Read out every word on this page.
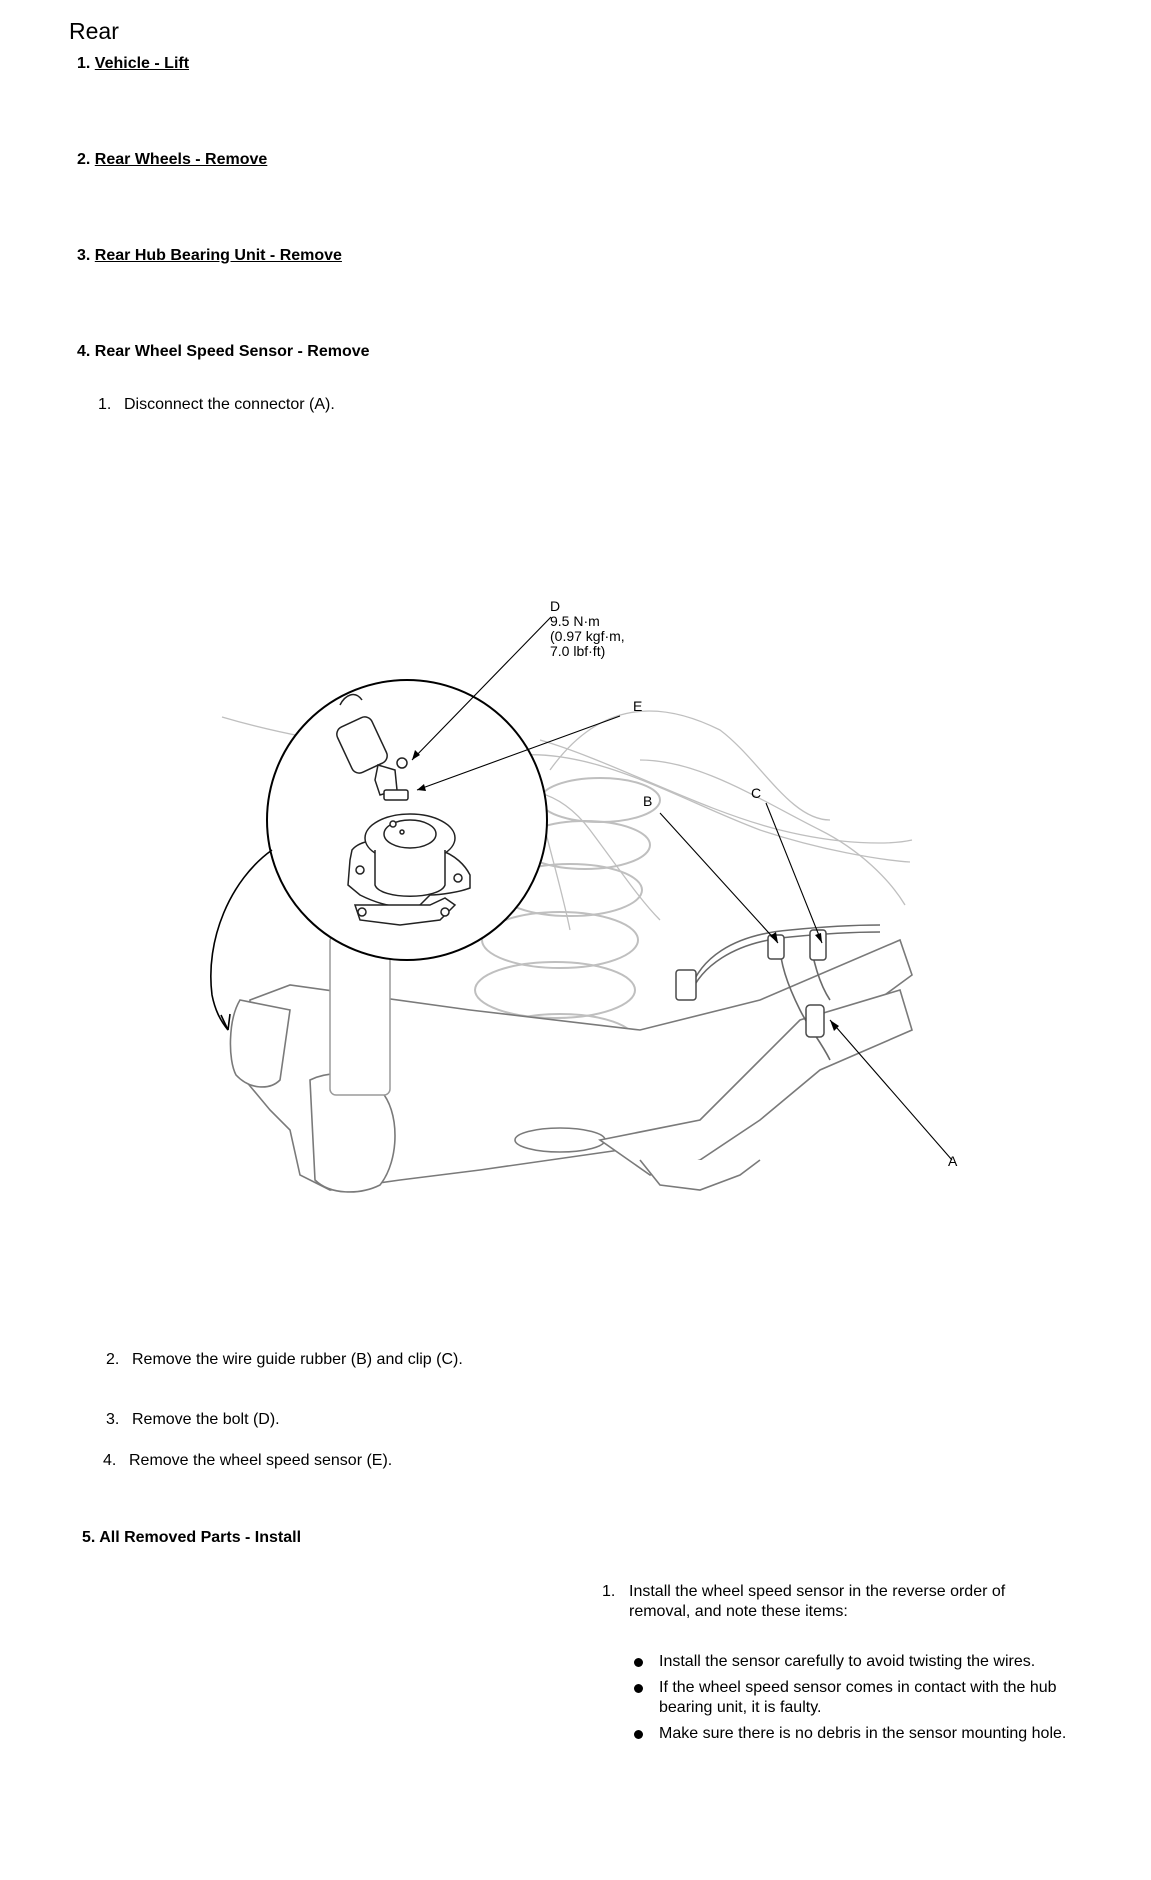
Rear
1. Vehicle - Lift
2. Rear Wheels - Remove
3. Rear Hub Bearing Unit - Remove
4. Rear Wheel Speed Sensor - Remove
1. Disconnect the connector (A).
D
9.5 N·m
(0.97 kgf·m,
7.0 lbf·ft)
E
B	C
A
2. Remove the wire guide rubber (B) and clip (C).
3. Remove the bolt (D).
4. Remove the wheel speed sensor (E).
5. All Removed Parts - Install
1. Install the wheel speed sensor in the reverse order of removal, and note these items:
Install the sensor carefully to avoid twisting the wires.
If the wheel speed sensor comes in contact with the hub bearing unit, it is faulty.
Make sure there is no debris in the sensor mounting hole.
